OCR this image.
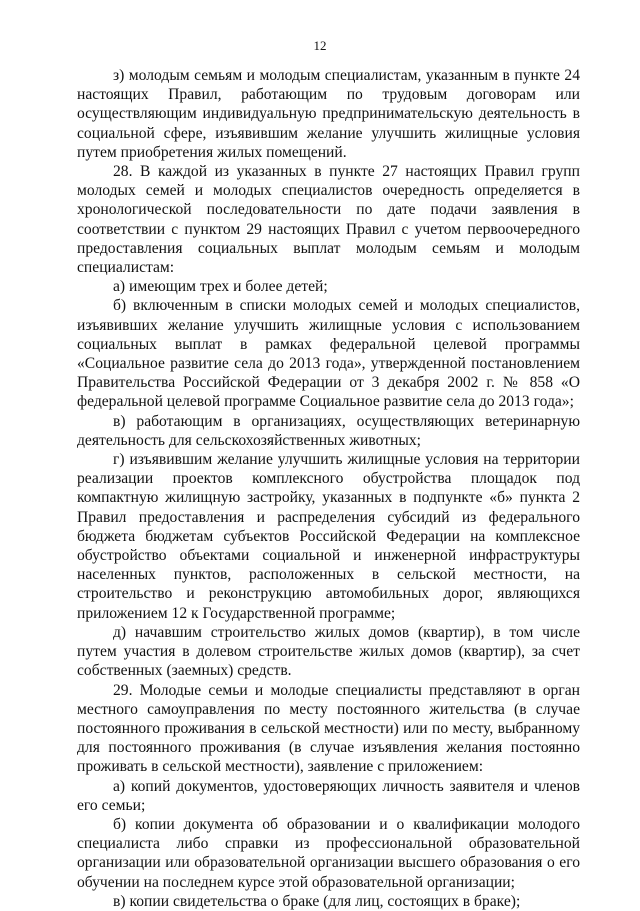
12

з) молодым семьям и молодым специалистам, указанным в пункте 24 настоящих Правил, работающим по трудовым договорам или осуществляющим индивидуальную предпринимательскую деятельность в социальной сфере, изъявившим желание улучшить жилищные условия путем приобретения жилых помещений.

28. В каждой из указанных в пункте 27 настоящих Правил групп молодых семей и молодых специалистов очередность определяется в хронологической последовательности по дате подачи заявления в соответствии с пунктом 29 настоящих Правил с учетом первоочередного предоставления социальных выплат молодым семьям и молодым специалистам:

а) имеющим трех и более детей;

б) включенным в списки молодых семей и молодых специалистов, изъявивших желание улучшить жилищные условия с использованием социальных выплат в рамках федеральной целевой программы «Социальное развитие села до 2013 года», утвержденной постановлением Правительства Российской Федерации от 3 декабря 2002 г. № 858 «О федеральной целевой программе Социальное развитие села до 2013 года»;

в) работающим в организациях, осуществляющих ветеринарную деятельность для сельскохозяйственных животных;

г) изъявившим желание улучшить жилищные условия на территории реализации проектов комплексного обустройства площадок под компактную жилищную застройку, указанных в подпункте «б» пункта 2 Правил предоставления и распределения субсидий из федерального бюджета бюджетам субъектов Российской Федерации на комплексное обустройство объектами социальной и инженерной инфраструктуры населенных пунктов, расположенных в сельской местности, на строительство и реконструкцию автомобильных дорог, являющихся приложением 12 к Государственной программе;

д) начавшим строительство жилых домов (квартир), в том числе путем участия в долевом строительстве жилых домов (квартир), за счет собственных (заемных) средств.

29. Молодые семьи и молодые специалисты представляют в орган местного самоуправления по месту постоянного жительства (в случае постоянного проживания в сельской местности) или по месту, выбранному для постоянного проживания (в случае изъявления желания постоянно проживать в сельской местности), заявление с приложением:

а) копий документов, удостоверяющих личность заявителя и членов его семьи;

б) копии документа об образовании и о квалификации молодого специалиста либо справки из профессиональной образовательной организации или образовательной организации высшего образования о его обучении на последнем курсе этой образовательной организации;

в) копии свидетельства о браке (для лиц, состоящих в браке);
